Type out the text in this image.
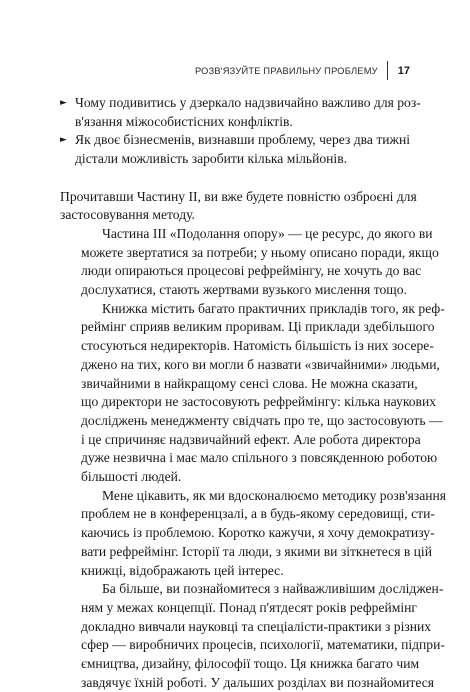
РОЗВ'ЯЗУЙТЕ ПРАВИЛЬНУ ПРОБЛЕМУ 17
► Чому подивитись у дзеркало надзвичайно важливо для роз-
в'язання міжособистісних конфліктів.
► Як двоє бізнесменів, визнавши проблему, через два тижні
дістали можливість заробити кілька мільйонів.

Прочитавши Частину II, ви вже будете повністю озброєні для
застосовування методу.

Частина III «Подолання опору» — це ресурс, до якого ви
можете звертатися за потреби; у ньому описано поради, якщо
люди опираються процесові рефреймінгу, не хочуть до вас
дослухатися, стають жертвами вузького мислення тощо.

Книжка містить багато практичних прикладів того, як реф-
реймінг сприяв великим проривам. Ці приклади здебільшого
стосуються недиректорів. Натомість більшість із них зосере-
джено на тих, кого ви могли б назвати «звичайними» людьми,
звичайними в найкращому сенсі слова. Не можна сказати,
що директори не застосовують рефреймінгу: кілька наукових
досліджень менеджменту свідчать про те, що застосовують —
і це спричиняє надзвичайний ефект. Але робота директора
дуже незвична і має мало спільного з повсякденною роботою
більшості людей.

Мене цікавить, як ми вдосконалюємо методику розв'язання
проблем не в конференцзалі, а в будь-якому середовищі, сти-
каючись із проблемою. Коротко кажучи, я хочу демократизу-
вати рефреймінг. Історії та люди, з якими ви зіткнетеся в цій
книжці, відображають цей інтерес.

Ба більше, ви познайомитеся з найважливішим досліджен-
ням у межах концепції. Понад п'ятдесят років рефреймінг
докладно вивчали науковці та спеціалісти-практики з різних
сфер — виробничих процесів, психології, математики, підпри-
ємництва, дизайну, філософії тощо. Ця книжка багато чим
завдячує їхній роботі. У дальших розділах ви познайомитеся
